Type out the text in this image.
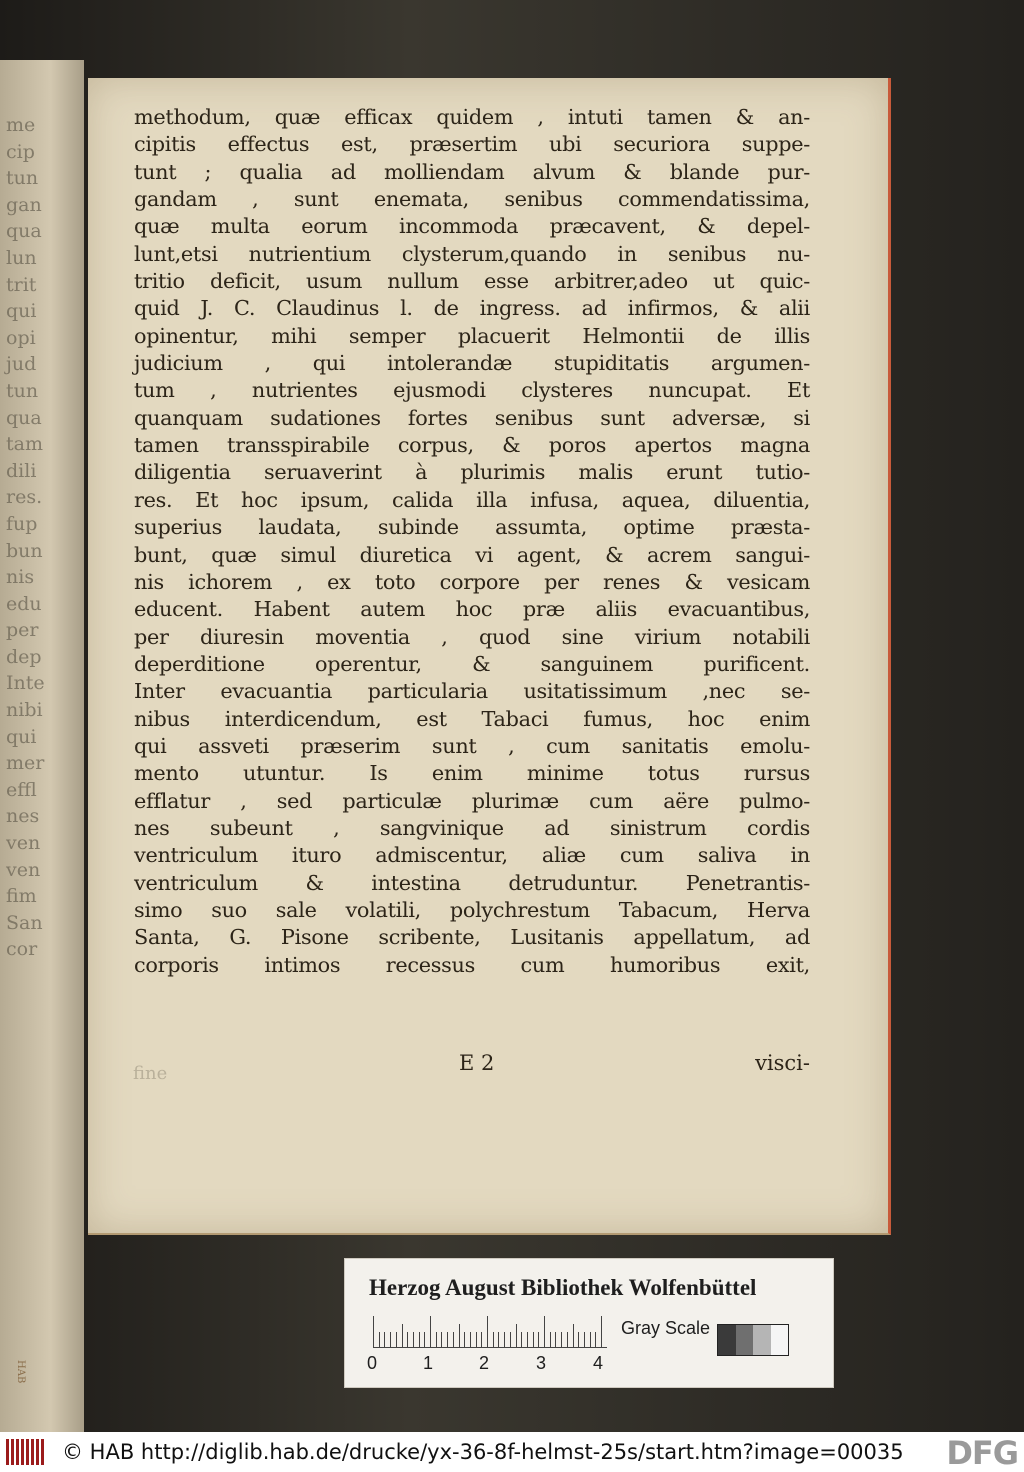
me
cip
tun
gan
qua
lun
trit
qui
opi
jud
tun
qua
tam
dili
res.
fup
bun
nis
edu
per
dep
Inte
nibi
qui
mer
effl
nes
ven
ven
fim
San
cor
HAB
methodum, quæ efficax quidem , intuti tamen & an-
cipitis effectus est, præsertim ubi securiora suppe-
tunt ; qualia ad molliendam alvum & blande pur-
gandam , sunt enemata, senibus commendatissima,
quæ multa eorum incommoda præcavent, & depel-
lunt,etsi nutrientium clysterum,quando in senibus nu-
tritio deficit, usum nullum esse arbitrer,adeo ut quic-
quid J. C. Claudinus l. de ingress. ad infirmos, & alii
opinentur, mihi semper placuerit Helmontii de illis
judicium , qui intolerandæ stupiditatis argumen-
tum , nutrientes ejusmodi clysteres nuncupat. Et
quanquam sudationes fortes senibus sunt adversæ, si
tamen transspirabile corpus, & poros apertos magna
diligentia seruaverint à plurimis malis erunt tutio-
res. Et hoc ipsum, calida illa infusa, aquea, diluentia,
superius laudata, subinde assumta, optime præsta-
bunt, quæ simul diuretica vi agent, & acrem sangui-
nis ichorem , ex toto corpore per renes & vesicam
educent. Habent autem hoc præ aliis evacuantibus,
per diuresin moventia , quod sine virium notabili
deperditione operentur, & sanguinem purificent.
Inter evacuantia particularia usitatissimum ,nec se-
nibus interdicendum, est Tabaci fumus, hoc enim
qui assveti præserim sunt , cum sanitatis emolu-
mento utuntur. Is enim minime totus rursus
efflatur , sed particulæ plurimæ cum aëre pulmo-
nes subeunt , sangvinique ad sinistrum cordis
ventriculum ituro admiscentur, aliæ cum saliva in
ventriculum & intestina detruduntur. Penetrantis-
simo suo sale volatili, polychrestum Tabacum, Herva
Santa, G. Pisone scribente, Lusitanis appellatum, ad
corporis intimos recessus cum humoribus exit,
fine	E 2	visci-
Herzog August Bibliothek Wolfenbüttel
0	1	2	3	4
Gray Scale
© HAB http://diglib.hab.de/drucke/yx-36-8f-helmst-25s/start.htm?image=00035 DFG
